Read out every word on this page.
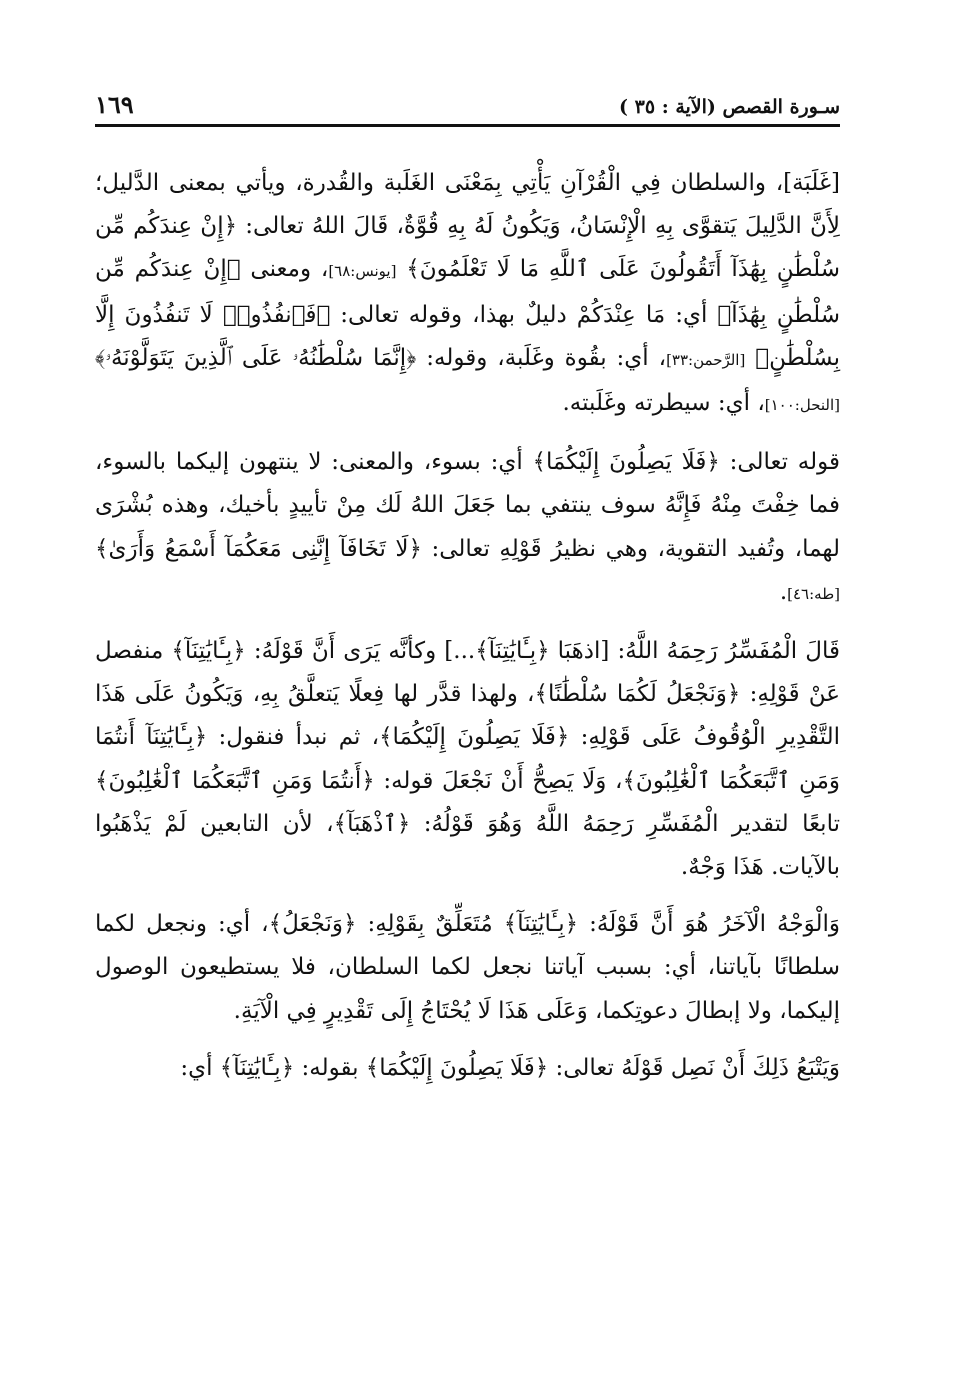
سـورة القصص (الآية : ٣٥ )
١٦٩

[غَلَبَة]، والسلطان فِي الْقُرْآنِ يَأْتِي بِمَعْنَى الغَلَبة والقُدرة، ويأتي بمعنى الدَّليل؛ لِأَنَّ الدَّلِيلَ يَتقوَّى بِهِ الْإِنْسَانُ، وَيَكُونُ لَهُ بِهِ قُوَّةٌ، قَالَ اللهُ تعالى: ﴿إِنْ عِندَكُم مِّن سُلْطَٰنٍ بِهَٰذَآ أَتَقُولُونَ عَلَى ٱللَّهِ مَا لَا تَعْلَمُونَ﴾ [يونس:٦٨]، ومعنى ﴿إِنْ عِندَكُم مِّن سُلْطَٰنٍ بِهَٰذَآ﴾ أي: مَا عِنْدَكُمْ دليلٌ بهذا، وقوله تعالى: ﴿فَٱنفُذُوا۟ لَا تَنفُذُونَ إِلَّا بِسُلْطَٰنٍ﴾ [الرَّحمن:٣٣]، أي: بقُوة وغَلَبة، وقوله: ﴿إِنَّمَا سُلْطَٰنُهُۥ عَلَى ٱلَّذِينَ يَتَوَلَّوْنَهُۥ﴾ [النحل:١٠٠]، أي: سيطرته وغَلَبته.

قوله تعالى: ﴿فَلَا يَصِلُونَ إِلَيْكُمَا﴾ أي: بسوء، والمعنى: لا ينتهون إليكما بالسوء، فما خِفْتَ مِنْهُ فَإِنَّهُ سوف ينتفي بما جَعَلَ اللهُ لَك مِنْ تأييدٍ بأخيك، وهذه بُشْرَى لهما، وتُفيد التقوية، وهي نظيرُ قَوْلِهِ تعالى: ﴿لَا تَخَافَآ إِنَّنِى مَعَكُمَآ أَسْمَعُ وَأَرَىٰ﴾ [طه:٤٦].

قَالَ الْمُفَسِّرُ رَحِمَهُ اللَّهُ: [اذهَبَا ﴿بِـَٔايَٰتِنَآ﴾...] وكأنَّه يَرَى أَنَّ قَوْلَهُ: ﴿بِـَٔايَٰتِنَآ﴾ منفصل عَنْ قَوْلِهِ: ﴿وَنَجْعَلُ لَكُمَا سُلْطَٰنًا﴾، ولهذا قدَّر لها فِعلًا يَتعلَّقُ بِهِ، وَيَكُونُ عَلَى هَذَا التَّقْدِيرِ الْوُقُوفُ عَلَى قَوْلِهِ: ﴿فَلَا يَصِلُونَ إِلَيْكُمَا﴾، ثم نبدأ فنقول: ﴿بِـَٔايَٰتِنَآ أَنتُمَا وَمَنِ ٱتَّبَعَكُمَا ٱلْغَٰلِبُونَ﴾، وَلَا يَصِحُّ أَنْ نَجْعَلَ قوله: ﴿أَنتُمَا وَمَنِ ٱتَّبَعَكُمَا ٱلْغَٰلِبُونَ﴾ تابعًا لتقدير الْمُفَسِّرِ رَحِمَهُ اللَّهُ وَهُوَ قَوْلُهُ: ﴿ٱذْهَبَآ﴾، لأن التابعين لَمْ يَذْهَبُوا بالآيات. هَذَا وَجْهٌ.

وَالْوَجْهُ الْآخَرُ هُوَ أَنَّ قَوْلَهُ: ﴿بِـَٔايَٰتِنَآ﴾ مُتَعَلِّقٌ بِقَوْلِهِ: ﴿وَنَجْعَلُ﴾، أي: ونجعل لكما سلطانًا بآياتنا، أي: بسبب آياتنا نجعل لكما السلطان، فلا يستطيعون الوصول إليكما، ولا إبطالَ دعوتِكما، وَعَلَى هَذَا لَا يُحْتَاجُ إِلَى تَقْدِيرٍ فِي الْآيَةِ.

وَيَتْبَعُ ذَلِكَ أَنْ نَصِل قَوْلَهُ تعالى: ﴿فَلَا يَصِلُونَ إِلَيْكُمَا﴾ بقوله: ﴿بِـَٔايَٰتِنَآ﴾ أي:
